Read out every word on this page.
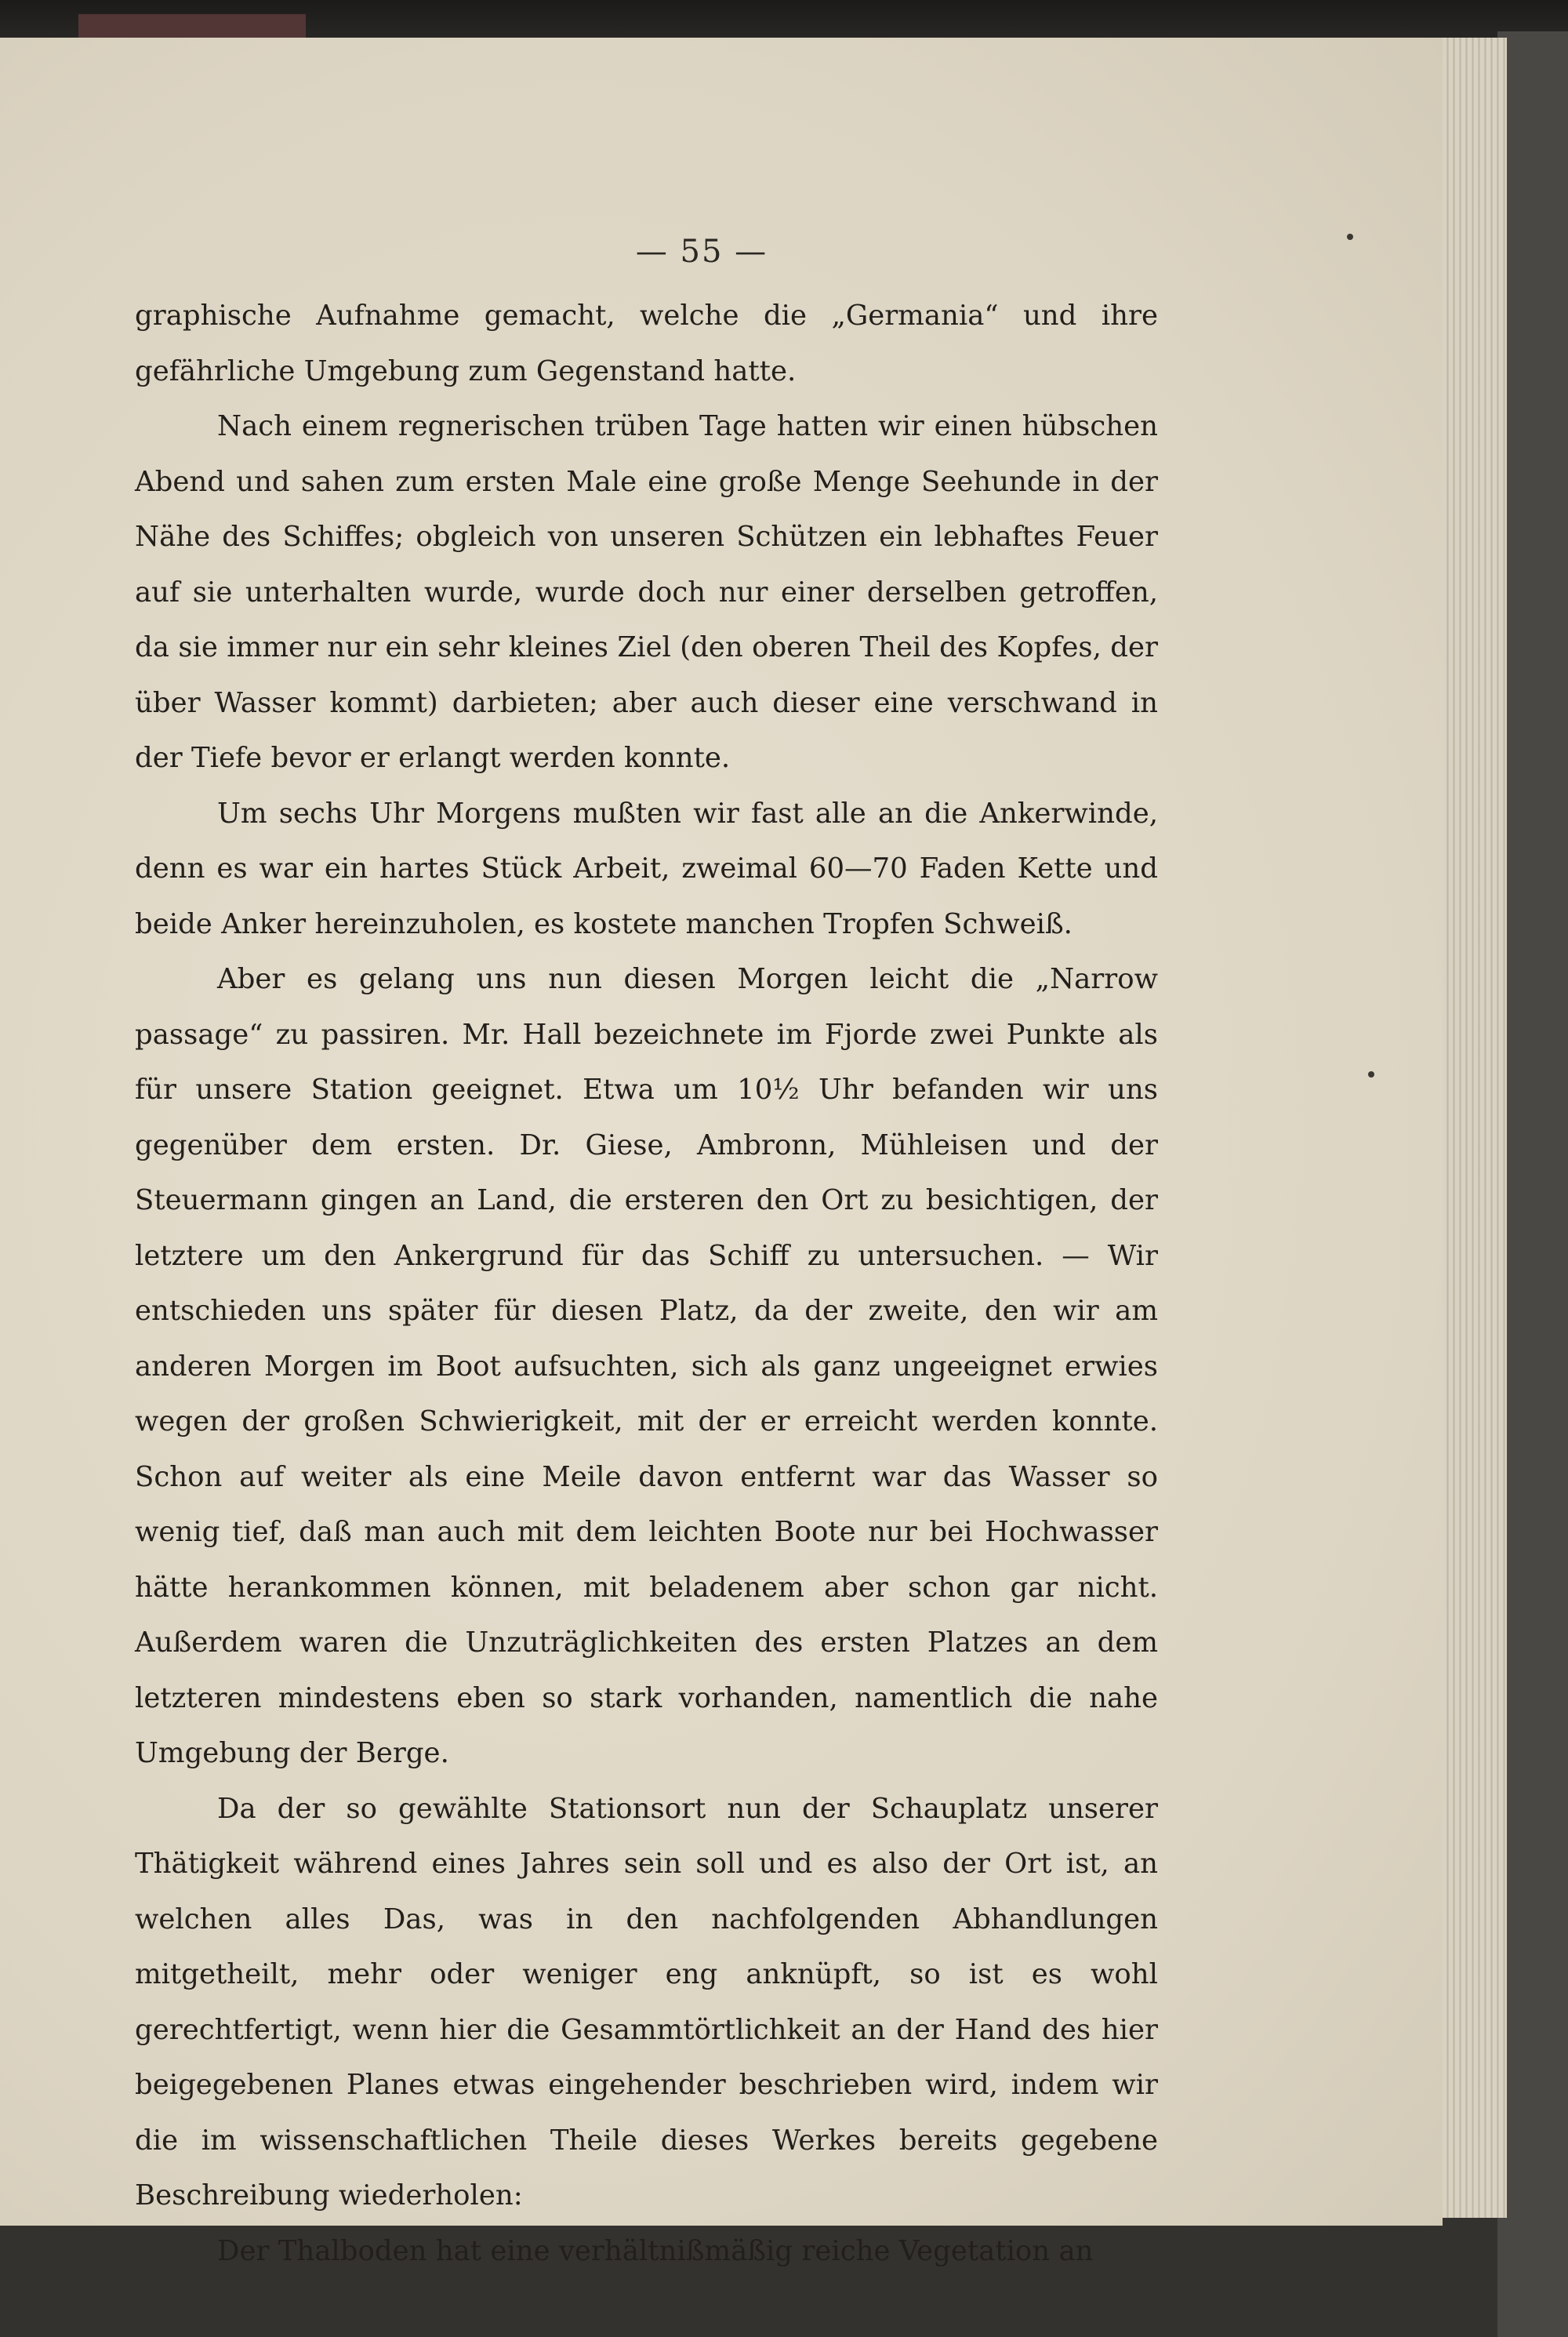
— 55 —

graphische Aufnahme gemacht, welche die „Germania“ und ihre gefährliche Umgebung zum Gegenstand hatte.

Nach einem regnerischen trüben Tage hatten wir einen hübschen Abend und sahen zum ersten Male eine große Menge Seehunde in der Nähe des Schiffes; obgleich von unseren Schützen ein lebhaftes Feuer auf sie unterhalten wurde, wurde doch nur einer derselben getroffen, da sie immer nur ein sehr kleines Ziel (den oberen Theil des Kopfes, der über Wasser kommt) darbieten; aber auch dieser eine verschwand in der Tiefe bevor er erlangt werden konnte.

Um sechs Uhr Morgens mußten wir fast alle an die Ankerwinde, denn es war ein hartes Stück Arbeit, zweimal 60—70 Faden Kette und beide Anker hereinzuholen, es kostete manchen Tropfen Schweiß.

Aber es gelang uns nun diesen Morgen leicht die „Narrow passage“ zu passiren. Mr. Hall bezeichnete im Fjorde zwei Punkte als für unsere Station geeignet. Etwa um 10½ Uhr befanden wir uns gegenüber dem ersten. Dr. Giese, Ambronn, Mühleisen und der Steuermann gingen an Land, die ersteren den Ort zu besichtigen, der letztere um den Ankergrund für das Schiff zu untersuchen. — Wir entschieden uns später für diesen Platz, da der zweite, den wir am anderen Morgen im Boot aufsuchten, sich als ganz ungeeignet erwies wegen der großen Schwierigkeit, mit der er erreicht werden konnte. Schon auf weiter als eine Meile davon entfernt war das Wasser so wenig tief, daß man auch mit dem leichten Boote nur bei Hochwasser hätte herankommen können, mit beladenem aber schon gar nicht. Außerdem waren die Unzuträglichkeiten des ersten Platzes an dem letzteren mindestens eben so stark vorhanden, namentlich die nahe Umgebung der Berge.

Da der so gewählte Stationsort nun der Schauplatz unserer Thätigkeit während eines Jahres sein soll und es also der Ort ist, an welchen alles Das, was in den nachfolgenden Abhandlungen mitgetheilt, mehr oder weniger eng anknüpft, so ist es wohl gerechtfertigt, wenn hier die Gesammtörtlichkeit an der Hand des hier beigegebenen Planes etwas eingehender beschrieben wird, indem wir die im wissenschaftlichen Theile dieses Werkes bereits gegebene Beschreibung wiederholen:

Der Thalboden hat eine verhältnißmäßig reiche Vegetation an
